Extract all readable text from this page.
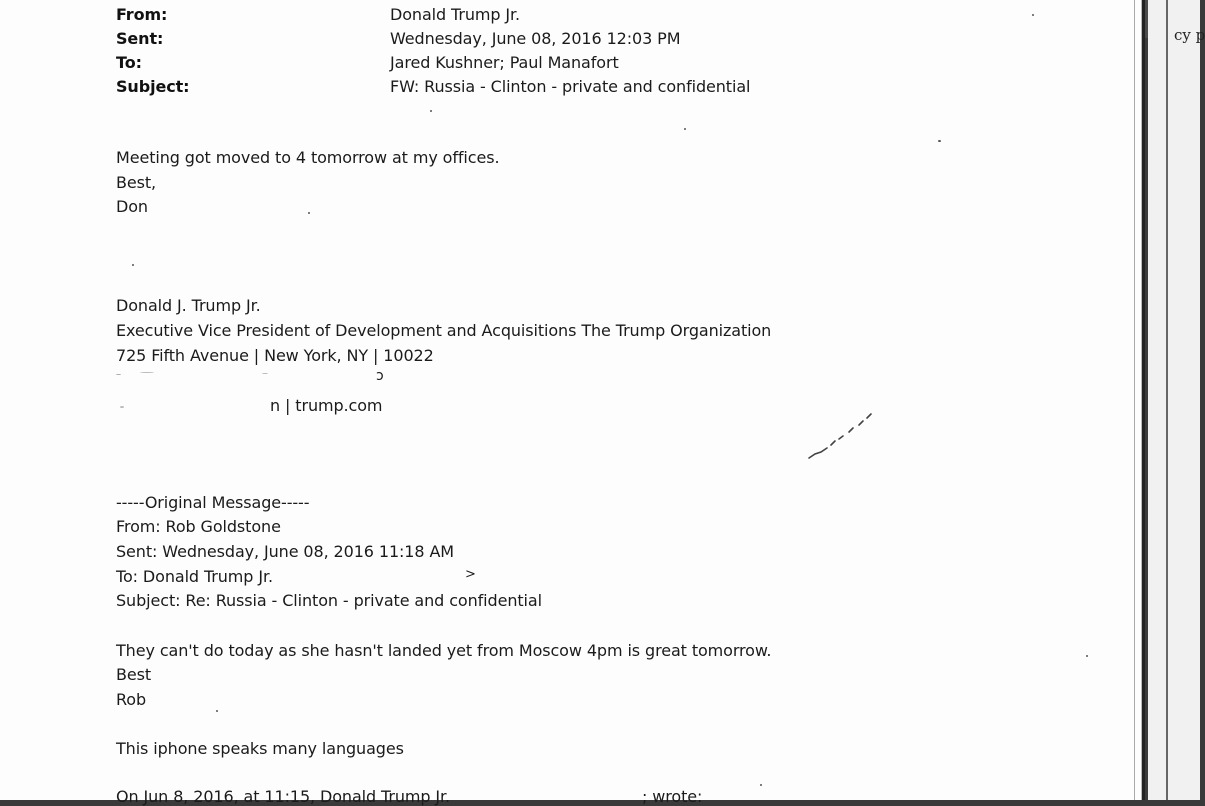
cy p
From:	Donald Trump Jr.
Sent:	Wednesday, June 08, 2016 12:03 PM
To:	Jared Kushner; Paul Manafort
Subject:	FW: Russia - Clinton - private and confidential
Meeting got moved to 4 tomorrow at my offices.
Best,
Don
Donald J. Trump Jr.
Executive Vice President of Development and Acquisitions The Trump Organization
725 Fifth Avenue | New York, NY | 10022
ɔ
n | trump.com
-----Original Message-----
From: Rob Goldstone
Sent: Wednesday, June 08, 2016 11:18 AM
To: Donald Trump Jr.	>
Subject: Re: Russia - Clinton - private and confidential
They can't do today as she hasn't landed yet from Moscow 4pm is great tomorrow.
Best
Rob
This iphone speaks many languages
On Jun 8, 2016, at 11:15, Donald Trump Jr.	; wrote:
